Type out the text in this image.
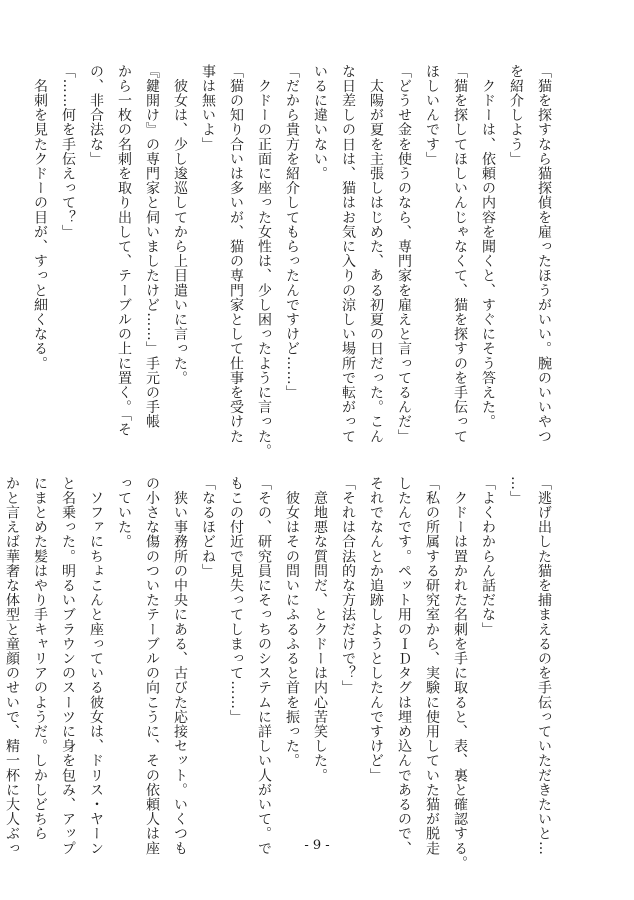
「猫を探すなら猫探偵を雇ったほうがいい。腕のいいやつ
を紹介しよう」
　クドーは、依頼の内容を聞くと、すぐにそう答えた。
「猫を探してほしいんじゃなくて、猫を探すのを手伝って
ほしいんです」
「どうせ金を使うのなら、専門家を雇えと言ってるんだ」
　太陽が夏を主張しはじめた、ある初夏の日だった。こん
な日差しの日は、猫はお気に入りの涼しい場所で転がって
いるに違いない。
「だから貴方を紹介してもらったんですけど……」
　クドーの正面に座った女性は、少し困ったように言った。
「猫の知り合いは多いが、猫の専門家として仕事を受けた
事は無いよ」
　彼女は、少し逡巡してから上目遣いに言った。
『鍵開け』の専門家と伺いましたけど……」手元の手帳
から一枚の名刺を取り出して、テーブルの上に置く。「そ
の、非合法な」
「……何を手伝えって？」
　名刺を見たクドーの目が、すっと細くなる。
「逃げ出した猫を捕まえるのを手伝っていただきたいと…
…」
「よくわからん話だな」
　クドーは置かれた名刺を手に取ると、表、裏と確認する。
「私の所属する研究室から、実験に使用していた猫が脱走
したんです。ペット用のＩＤタグは埋め込んであるので、
それでなんとか追跡しようとしたんですけど」
「それは合法的な方法だけで？」
　意地悪な質問だ、とクドーは内心苦笑した。
　彼女はその問いにふるふると首を振った。
「その、研究員にそっちのシステムに詳しい人がいて。で
もこの付近で見失ってしまって……」
「なるほどね」
　狭い事務所の中央にある、古びた応接セット。いくつも
の小さな傷のついたテーブルの向こうに、その依頼人は座
っていた。
　ソファにちょこんと座っている彼女は、ドリス・ヤーン
と名乗った。明るいブラウンのスーツに身を包み、アップ
にまとめた髪はやり手キャリアのようだ。しかしどちら
かと言えば華奢な体型と童顔のせいで、精一杯に大人ぶっ	- 9 -
